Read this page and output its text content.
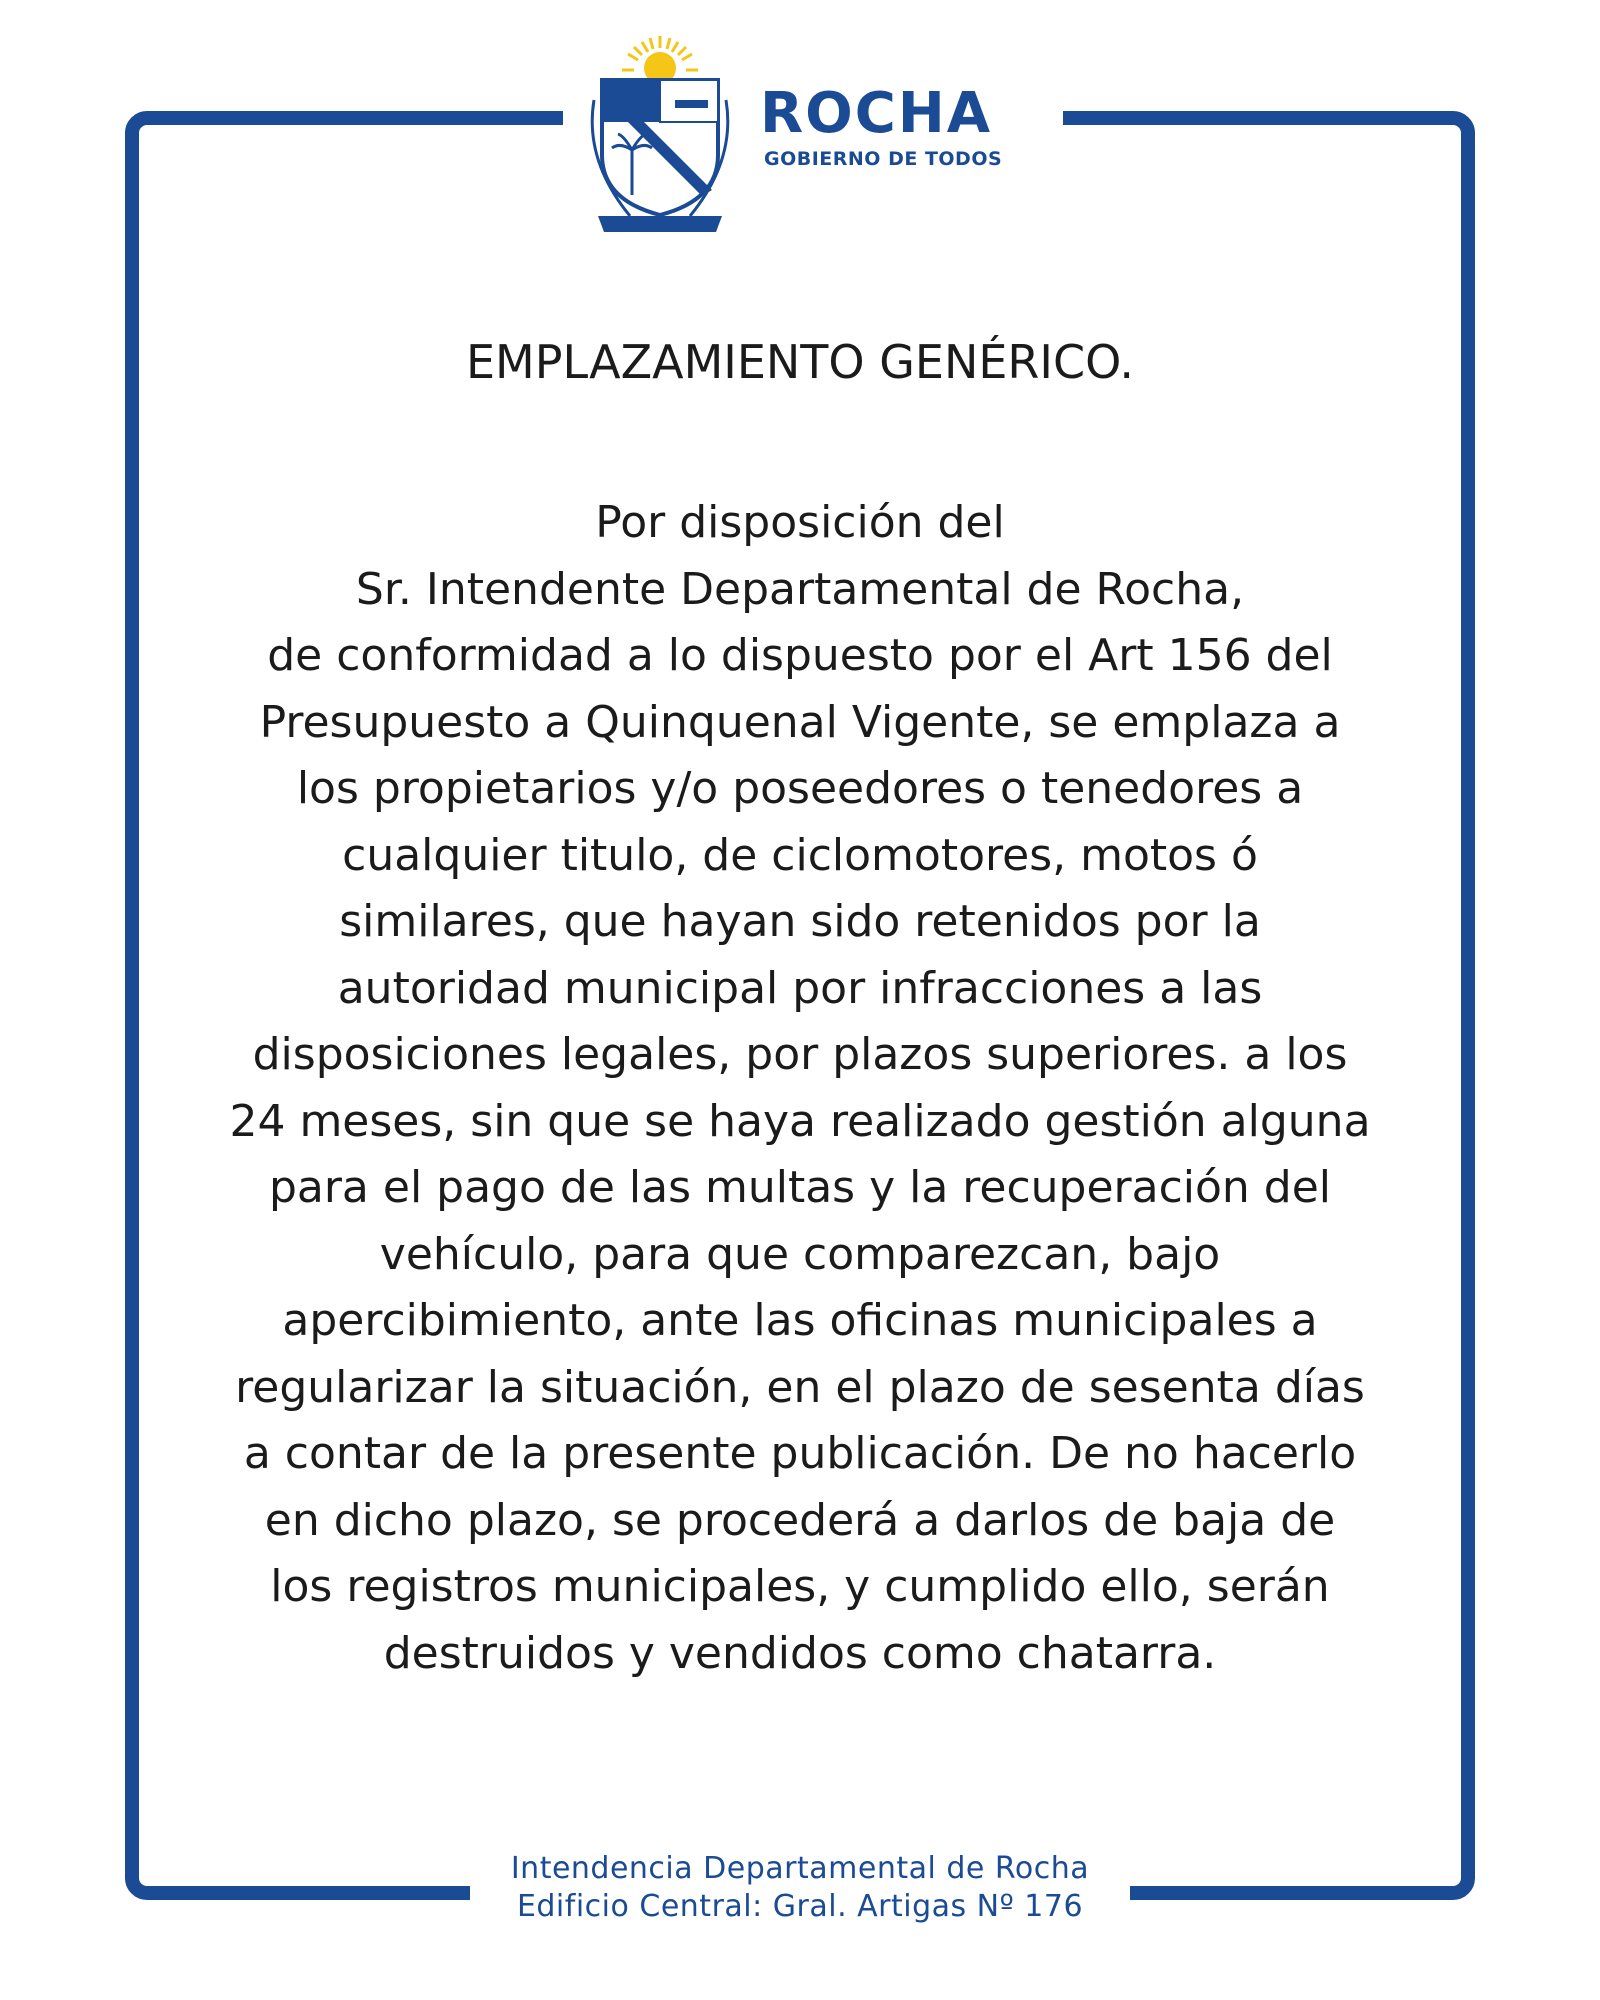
ROCHA
GOBIERNO DE TODOS
EMPLAZAMIENTO GENÉRICO.
Por disposición del
Sr. Intendente Departamental de Rocha,
de conformidad a lo dispuesto por el Art 156 del
Presupuesto a Quinquenal Vigente, se emplaza a
los propietarios y/o poseedores o tenedores a
cualquier titulo, de ciclomotores, motos ó
similares, que hayan sido retenidos por la
autoridad municipal por infracciones a las
disposiciones legales, por plazos superiores. a los
24 meses, sin que se haya realizado gestión alguna
para el pago de las multas y la recuperación del
vehículo, para que comparezcan, bajo
apercibimiento, ante las oficinas municipales a
regularizar la situación, en el plazo de sesenta días
a contar de la presente publicación. De no hacerlo
en dicho plazo, se procederá a darlos de baja de
los registros municipales, y cumplido ello, serán
destruidos y vendidos como chatarra.
Intendencia Departamental de Rocha
Edificio Central: Gral. Artigas Nº 176
